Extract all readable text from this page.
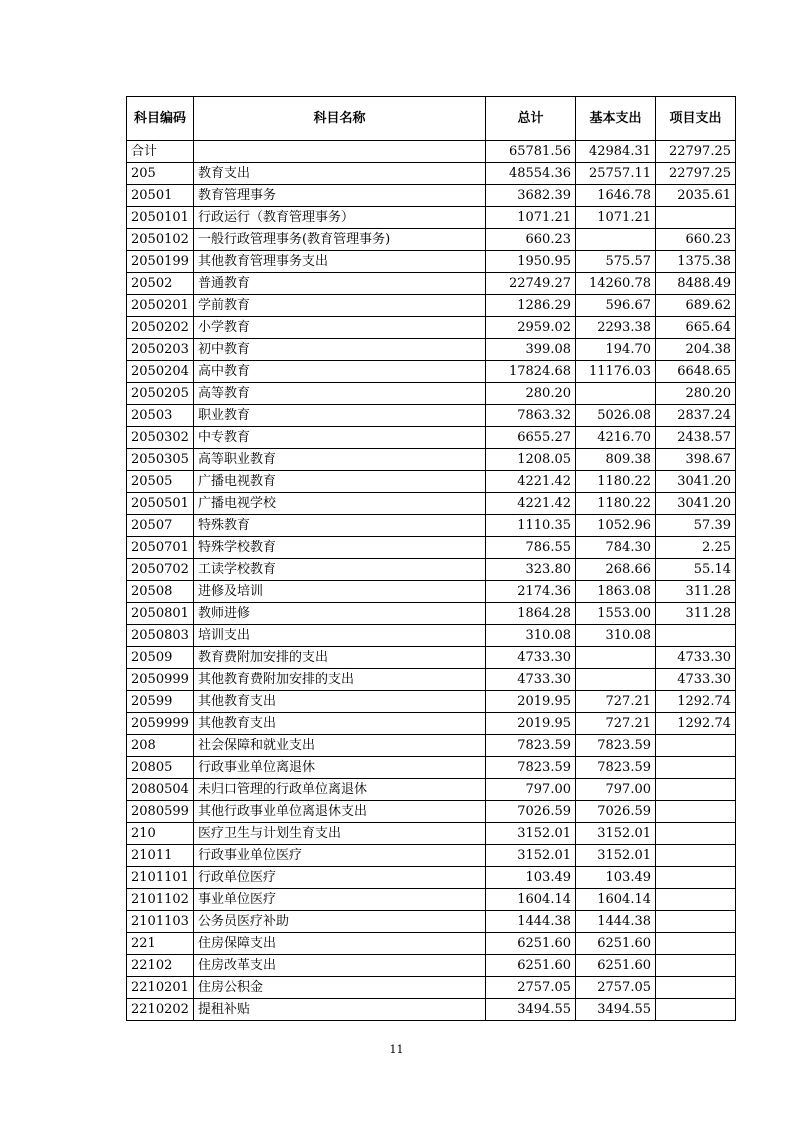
科目编码	科目名称	总计	基本支出	项目支出
合计		65781.56	42984.31	22797.25
205	教育支出	48554.36	25757.11	22797.25
20501	教育管理事务	3682.39	1646.78	2035.61
2050101	行政运行（教育管理事务）	1071.21	1071.21	
2050102	一般行政管理事务(教育管理事务)	660.23		660.23
2050199	其他教育管理事务支出	1950.95	575.57	1375.38
20502	普通教育	22749.27	14260.78	8488.49
2050201	学前教育	1286.29	596.67	689.62
2050202	小学教育	2959.02	2293.38	665.64
2050203	初中教育	399.08	194.70	204.38
2050204	高中教育	17824.68	11176.03	6648.65
2050205	高等教育	280.20		280.20
20503	职业教育	7863.32	5026.08	2837.24
2050302	中专教育	6655.27	4216.70	2438.57
2050305	高等职业教育	1208.05	809.38	398.67
20505	广播电视教育	4221.42	1180.22	3041.20
2050501	广播电视学校	4221.42	1180.22	3041.20
20507	特殊教育	1110.35	1052.96	57.39
2050701	特殊学校教育	786.55	784.30	2.25
2050702	工读学校教育	323.80	268.66	55.14
20508	进修及培训	2174.36	1863.08	311.28
2050801	教师进修	1864.28	1553.00	311.28
2050803	培训支出	310.08	310.08	
20509	教育费附加安排的支出	4733.30		4733.30
2050999	其他教育费附加安排的支出	4733.30		4733.30
20599	其他教育支出	2019.95	727.21	1292.74
2059999	其他教育支出	2019.95	727.21	1292.74
208	社会保障和就业支出	7823.59	7823.59	
20805	行政事业单位离退休	7823.59	7823.59	
2080504	未归口管理的行政单位离退休	797.00	797.00	
2080599	其他行政事业单位离退休支出	7026.59	7026.59	
210	医疗卫生与计划生育支出	3152.01	3152.01	
21011	行政事业单位医疗	3152.01	3152.01	
2101101	行政单位医疗	103.49	103.49	
2101102	事业单位医疗	1604.14	1604.14	
2101103	公务员医疗补助	1444.38	1444.38	
221	住房保障支出	6251.60	6251.60	
22102	住房改革支出	6251.60	6251.60	
2210201	住房公积金	2757.05	2757.05	
2210202	提租补贴	3494.55	3494.55	
11
